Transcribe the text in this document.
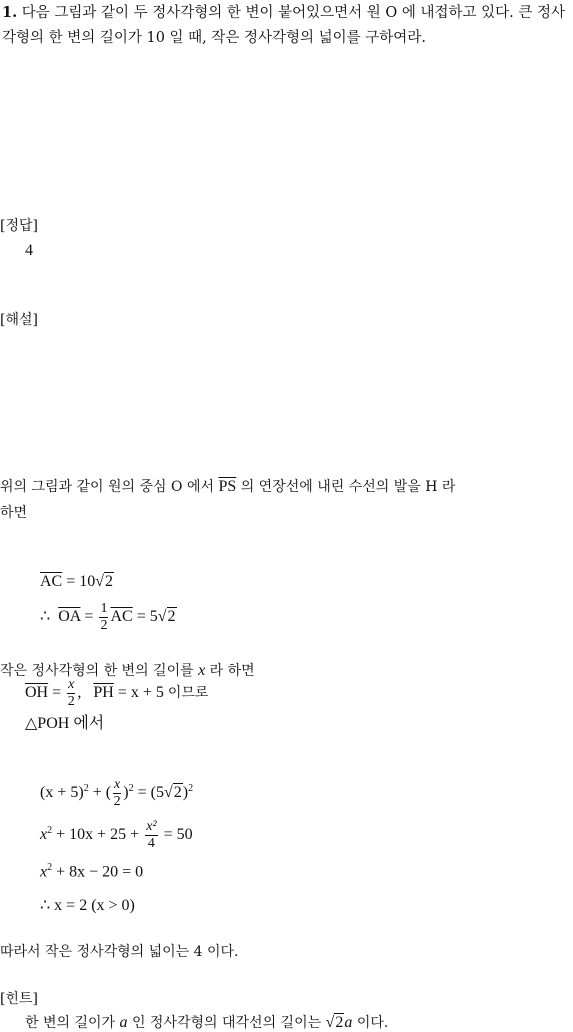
1. 다음 그림과 같이 두 정사각형의 한 변이 붙어있으면서 원 O 에 내접하고 있다. 큰 정사각형의 한 변의 길이가 10 일 때, 작은 정사각형의 넓이를 구하여라.
[정답]
4
[해설]
위의 그림과 같이 원의 중심 O 에서 $\overline{PS}$ 의 연장선에 내린 수선의 발을 H 라
하면
$\overline{AC} = 10√2$
∴ $\overline{OA} = \frac{1}{2} \overline{AC} = 5√2$
작은 정사각형의 한 변의 길이를 x 라 하면
$\overline{OH} = \frac{x}{2}$ ,   $\overline{PH} = x + 5$ 이므로
△POH 에서
$(x + 5)^2$ + ( $\frac{x}{2} )^2 = (5√2)^2$
$x^2 + 10x + 25 + \frac{\text{x²}}{4} = 50$
$x^2 + 8x - 20 = 0$
∴ x = 2 (x > 0)
따라서 작은 정사각형의 넓이는 4 이다.
[힌트]
한 변의 길이가 a 인 정사각형의 대각선의 길이는 √2a 이다.
